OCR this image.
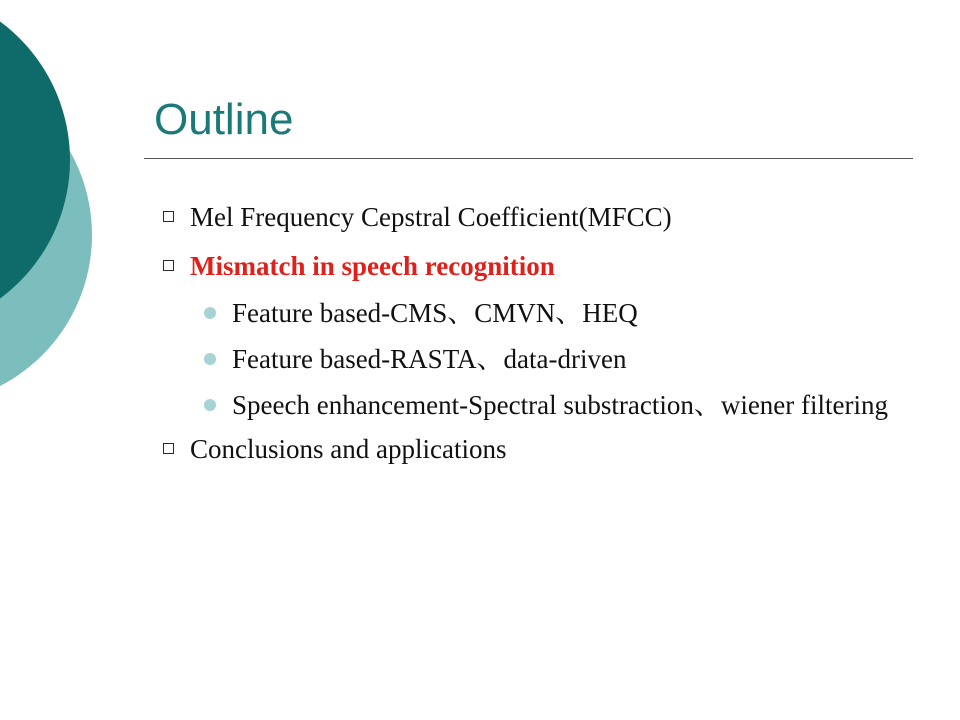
Outline
Mel Frequency Cepstral Coefficient(MFCC)
Mismatch in speech recognition
Feature based-CMS、CMVN、HEQ
Feature based-RASTA、data-driven
Speech enhancement-Spectral substraction、wiener filtering
Conclusions and applications
